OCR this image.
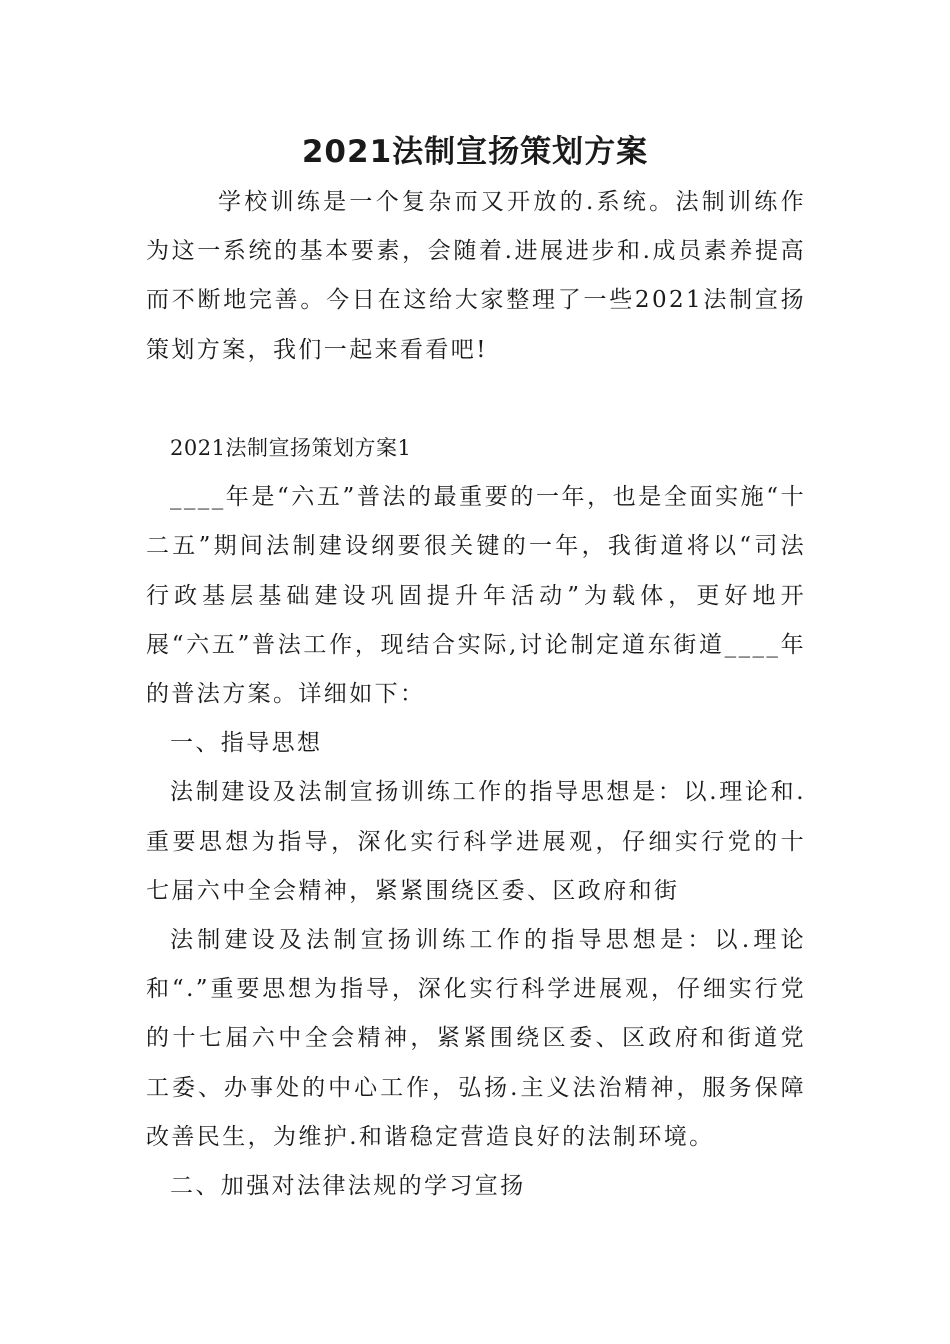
2021法制宣扬策划方案

学校训练是一个复杂而又开放的.系统。法制训练作为这一系统的基本要素，会随着.进展进步和.成员素养提高而不断地完善。今日在这给大家整理了一些2021法制宣扬策划方案，我们一起来看看吧!

2021法制宣扬策划方案1

____年是“六五”普法的最重要的一年，也是全面实施“十二五”期间法制建设纲要很关键的一年，我街道将以“司法行政基层基础建设巩固提升年活动”为载体，更好地开展“六五”普法工作，现结合实际,讨论制定道东街道____年的普法方案。详细如下：

一、指导思想

法制建设及法制宣扬训练工作的指导思想是：以.理论和.重要思想为指导，深化实行科学进展观，仔细实行党的十七届六中全会精神，紧紧围绕区委、区政府和街

法制建设及法制宣扬训练工作的指导思想是：以.理论和“.”重要思想为指导，深化实行科学进展观，仔细实行党的十七届六中全会精神，紧紧围绕区委、区政府和街道党工委、办事处的中心工作，弘扬.主义法治精神，服务保障改善民生，为维护.和谐稳定营造良好的法制环境。

二、加强对法律法规的学习宣扬
